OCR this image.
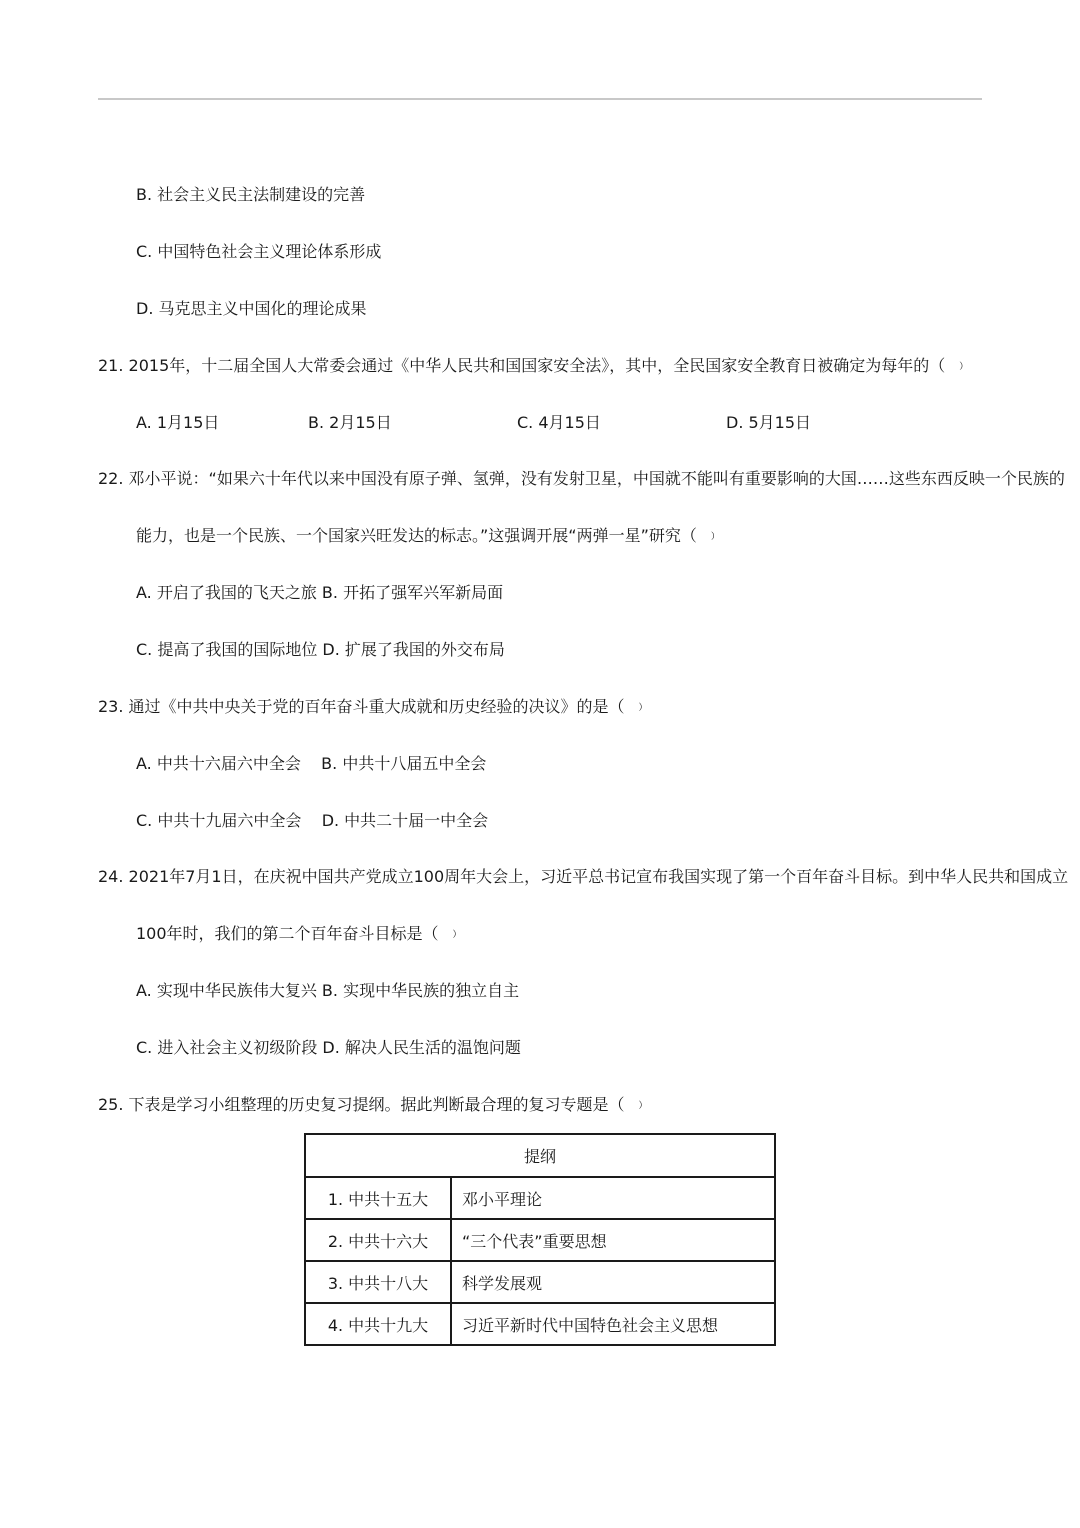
B. 社会主义民主法制建设的完善
C. 中国特色社会主义理论体系形成
D. 马克思主义中国化的理论成果
21. 2015年，十二届全国人大常委会通过《中华人民共和国国家安全法》，其中，全民国家安全教育日被确定为每年的（ ）
A. 1月15日	B. 2月15日	C. 4月15日	D. 5月15日
22. 邓小平说：“如果六十年代以来中国没有原子弹、氢弹，没有发射卫星，中国就不能叫有重要影响的大国……这些东西反映一个民族的
能力，也是一个民族、一个国家兴旺发达的标志。”这强调开展“两弹一星”研究（ ）
A. 开启了我国的飞天之旅 B. 开拓了强军兴军新局面
C. 提高了我国的国际地位 D. 扩展了我国的外交布局
23. 通过《中共中央关于党的百年奋斗重大成就和历史经验的决议》的是（ ）
A. 中共十六届六中全会    B. 中共十八届五中全会
C. 中共十九届六中全会    D. 中共二十届一中全会
24. 2021年7月1日，在庆祝中国共产党成立100周年大会上，习近平总书记宣布我国实现了第一个百年奋斗目标。到中华人民共和国成立
100年时，我们的第二个百年奋斗目标是（ ）
A. 实现中华民族伟大复兴 B. 实现中华民族的独立自主
C. 进入社会主义初级阶段 D. 解决人民生活的温饱问题
25. 下表是学习小组整理的历史复习提纲。据此判断最合理的复习专题是（ ）
提纲	
1. 中共十五大	邓小平理论
2. 中共十六大	“三个代表”重要思想
3. 中共十八大	科学发展观
4. 中共十九大	习近平新时代中国特色社会主义思想
